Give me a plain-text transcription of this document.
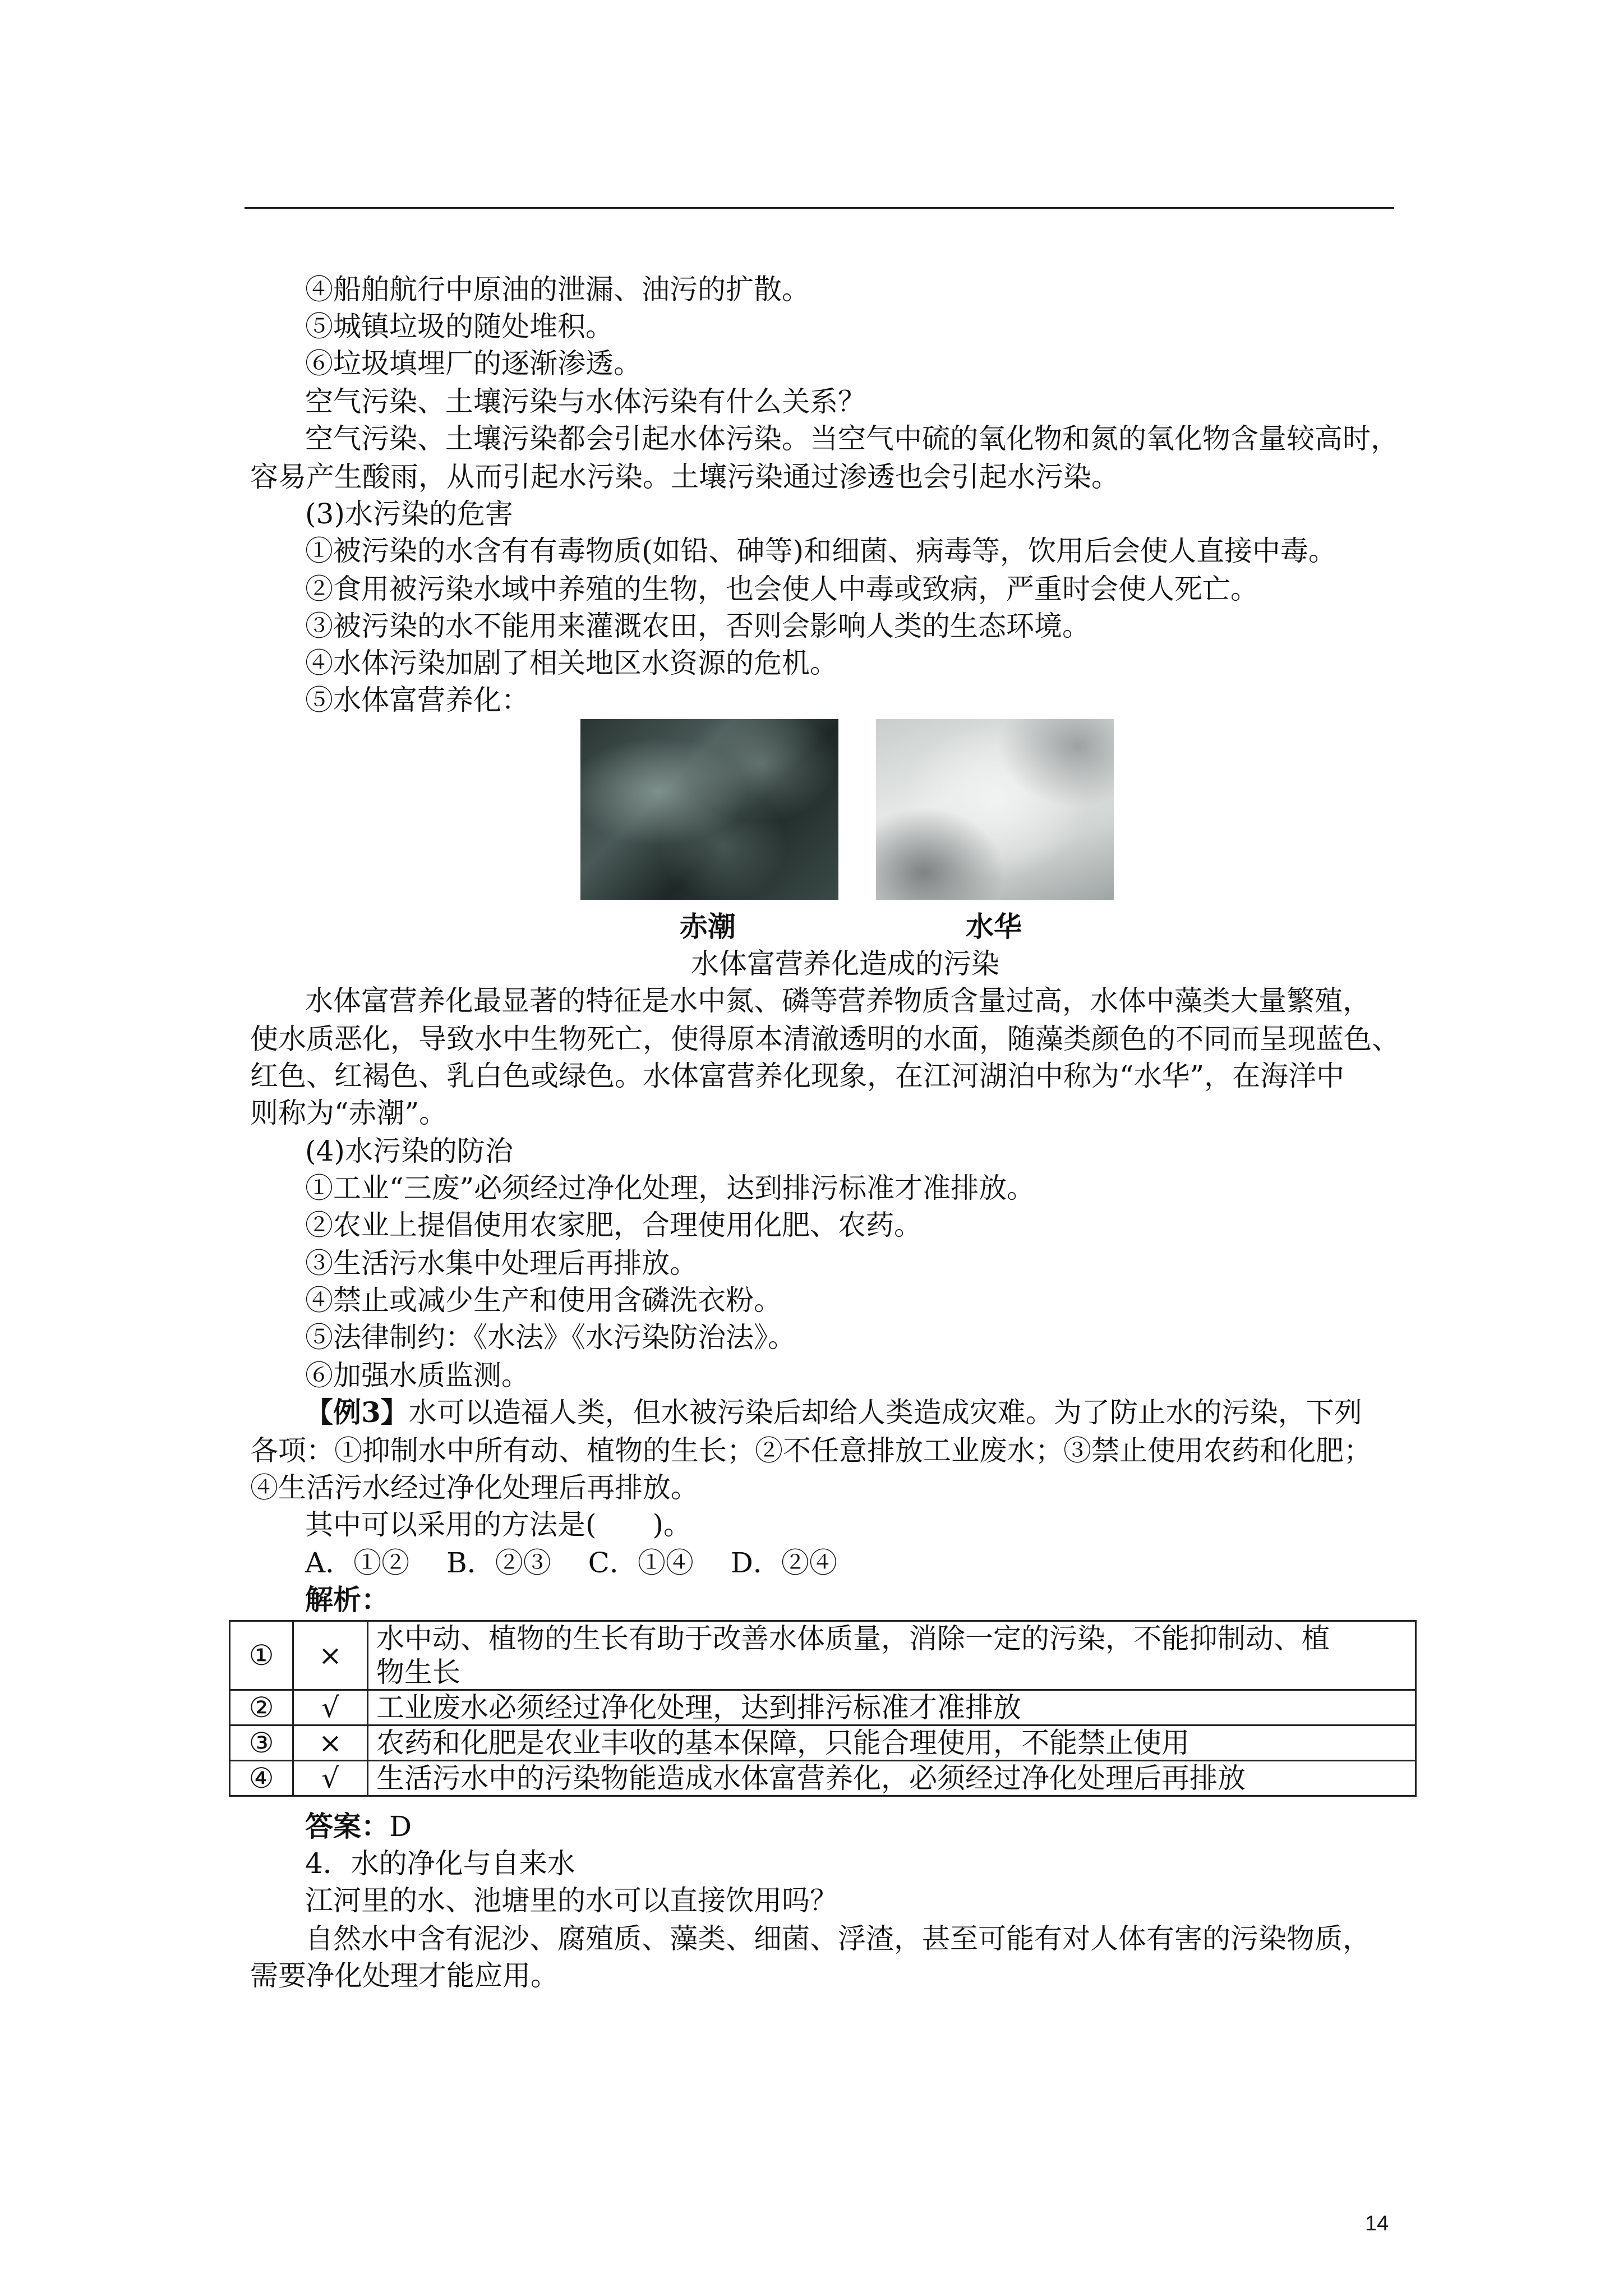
④船舶航行中原油的泄漏、油污的扩散。
⑤城镇垃圾的随处堆积。
⑥垃圾填埋厂的逐渐渗透。
空气污染、土壤污染与水体污染有什么关系？
空气污染、土壤污染都会引起水体污染。当空气中硫的氧化物和氮的氧化物含量较高时，
容易产生酸雨，从而引起水污染。土壤污染通过渗透也会引起水污染。
(3)水污染的危害
①被污染的水含有有毒物质(如铅、砷等)和细菌、病毒等，饮用后会使人直接中毒。
②食用被污染水域中养殖的生物，也会使人中毒或致病，严重时会使人死亡。
③被污染的水不能用来灌溉农田，否则会影响人类的生态环境。
④水体污染加剧了相关地区水资源的危机。
⑤水体富营养化：
赤潮	水华
水体富营养化造成的污染
水体富营养化最显著的特征是水中氮、磷等营养物质含量过高，水体中藻类大量繁殖，
使水质恶化，导致水中生物死亡，使得原本清澈透明的水面，随藻类颜色的不同而呈现蓝色、
红色、红褐色、乳白色或绿色。水体富营养化现象，在江河湖泊中称为“水华”，在海洋中
则称为“赤潮”。
(4)水污染的防治
①工业“三废”必须经过净化处理，达到排污标准才准排放。
②农业上提倡使用农家肥，合理使用化肥、农药。
③生活污水集中处理后再排放。
④禁止或减少生产和使用含磷洗衣粉。
⑤法律制约：《水法》《水污染防治法》。
⑥加强水质监测。
【例3】水可以造福人类，但水被污染后却给人类造成灾难。为了防止水的污染，下列
各项：①抑制水中所有动、植物的生长；②不任意排放工业废水；③禁止使用农药和化肥；
④生活污水经过净化处理后再排放。
其中可以采用的方法是(　　)。
A．①②　 B．②③　 C．①④　 D．②④
解析：
①	×	水中动、植物的生长有助于改善水体质量，消除一定的污染，不能抑制动、植
物生长
②	√	工业废水必须经过净化处理，达到排污标准才准排放
③	×	农药和化肥是农业丰收的基本保障，只能合理使用，不能禁止使用
④	√	生活污水中的污染物能造成水体富营养化，必须经过净化处理后再排放
答案：D
4．水的净化与自来水
江河里的水、池塘里的水可以直接饮用吗？
自然水中含有泥沙、腐殖质、藻类、细菌、浮渣，甚至可能有对人体有害的污染物质，
需要净化处理才能应用。
14
